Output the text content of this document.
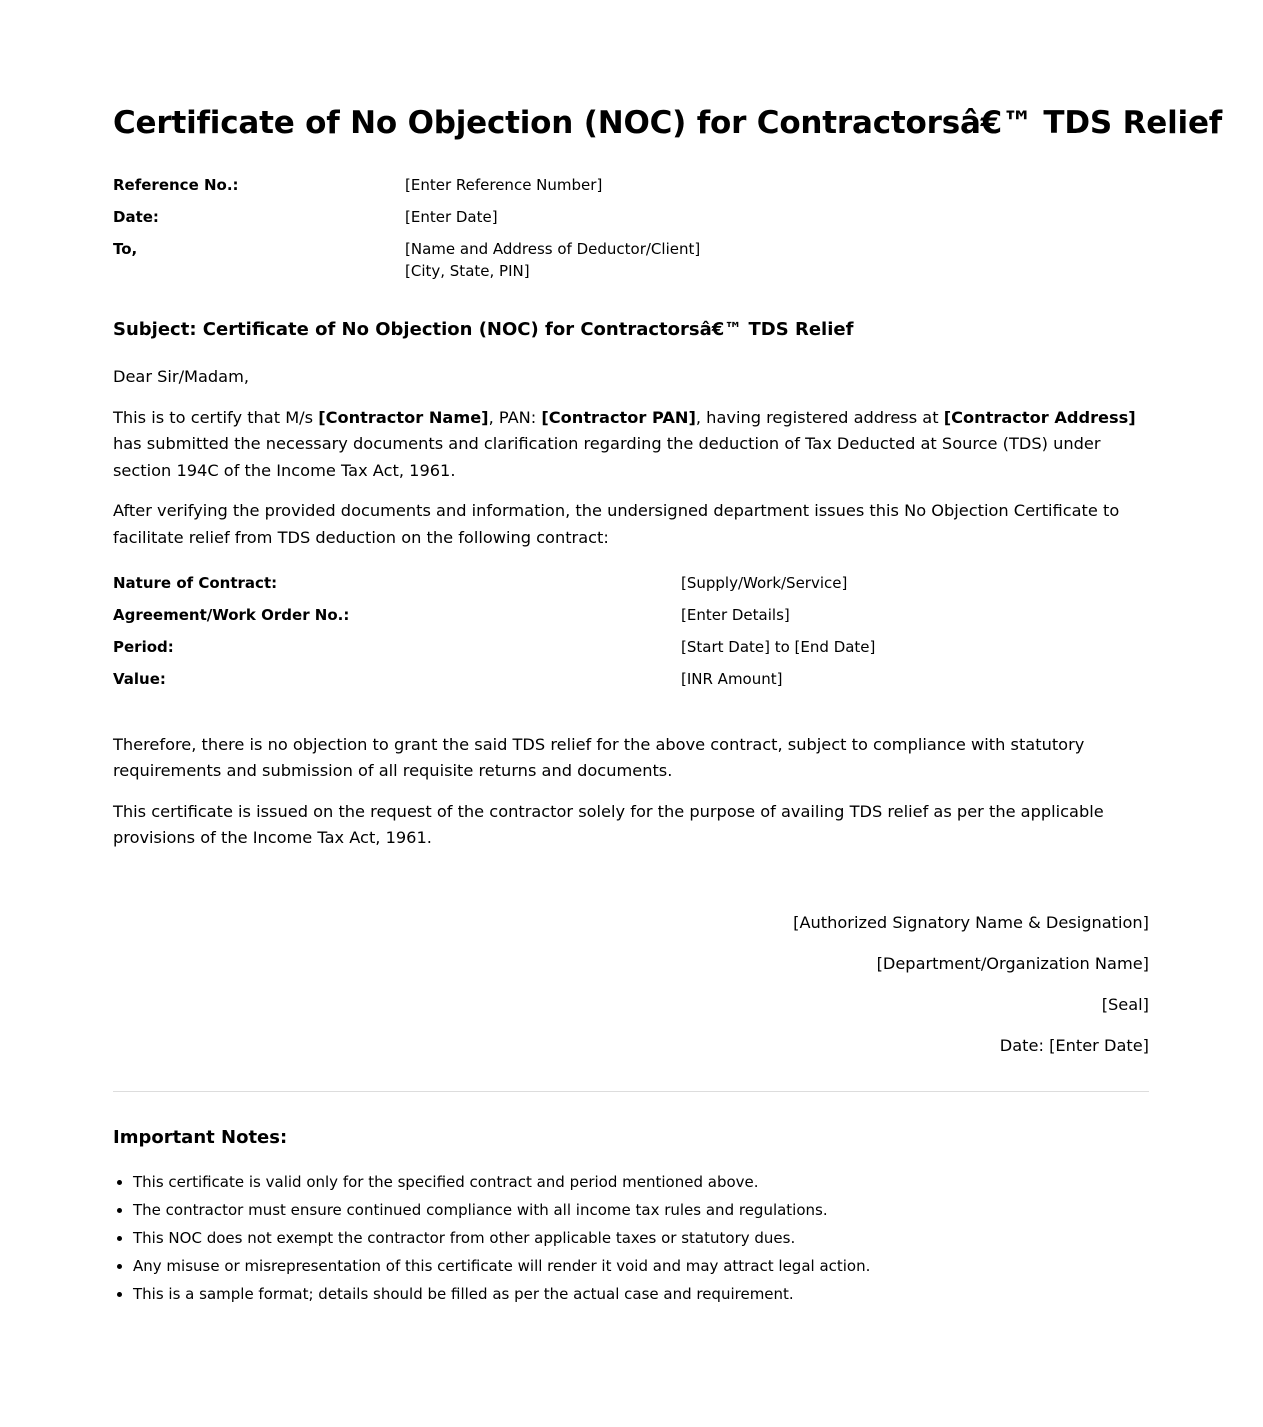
Certificate of No Objection (NOC) for Contractorsâ€™ TDS Relief
Reference No.:	[Enter Reference Number]
Date:	[Enter Date]
To,	[Name and Address of Deductor/Client]
[City, State, PIN]
Subject: Certificate of No Objection (NOC) for Contractorsâ€™ TDS Relief

Dear Sir/Madam,

This is to certify that M/s [Contractor Name], PAN: [Contractor PAN], having registered address at [Contractor Address] has submitted the necessary documents and clarification regarding the deduction of Tax Deducted at Source (TDS) under section 194C of the Income Tax Act, 1961.

After verifying the provided documents and information, the undersigned department issues this No Objection Certificate to facilitate relief from TDS deduction on the following contract:

Nature of Contract:	[Supply/Work/Service]
Agreement/Work Order No.:	[Enter Details]
Period:	[Start Date] to [End Date]
Value:	[INR Amount]

Therefore, there is no objection to grant the said TDS relief for the above contract, subject to compliance with statutory requirements and submission of all requisite returns and documents.

This certificate is issued on the request of the contractor solely for the purpose of availing TDS relief as per the applicable provisions of the Income Tax Act, 1961.

[Authorized Signatory Name & Designation]
[Department/Organization Name]
[Seal]
Date: [Enter Date]
Important Notes:
• This certificate is valid only for the specified contract and period mentioned above.
• The contractor must ensure continued compliance with all income tax rules and regulations.
• This NOC does not exempt the contractor from other applicable taxes or statutory dues.
• Any misuse or misrepresentation of this certificate will render it void and may attract legal action.
• This is a sample format; details should be filled as per the actual case and requirement.
